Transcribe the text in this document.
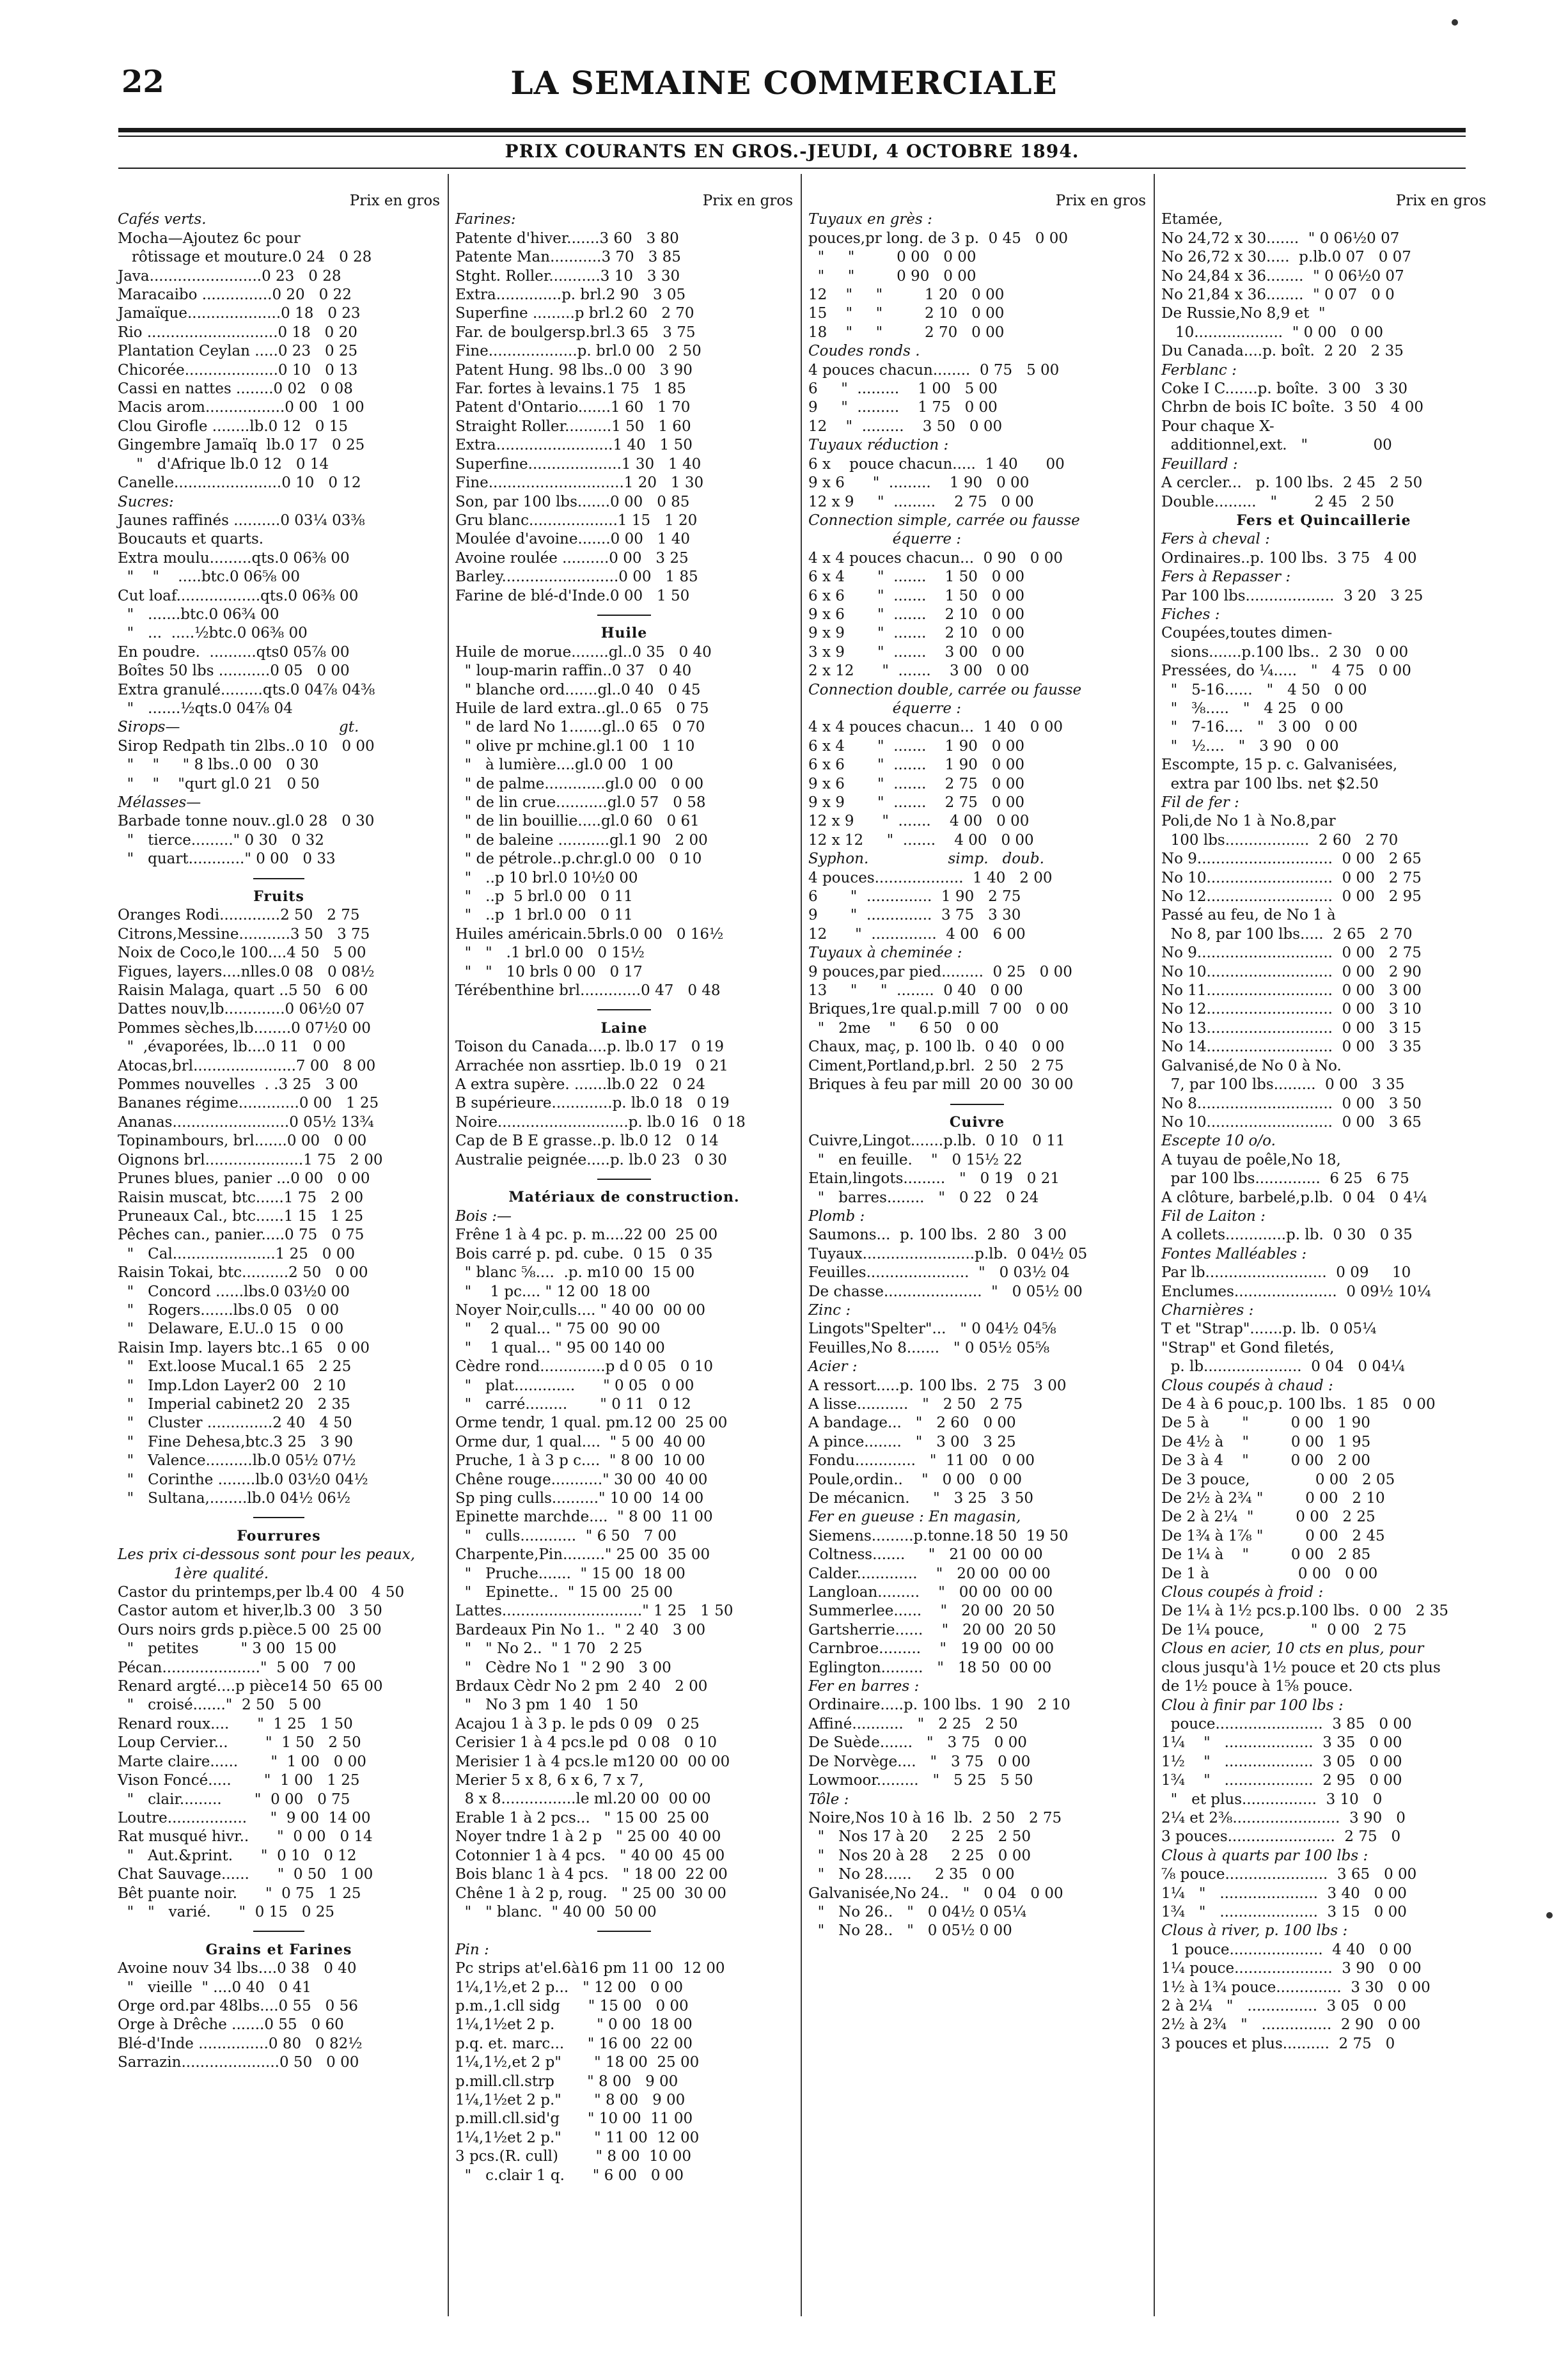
22	LA SEMAINE COMMERCIALE
PRIX COURANTS EN GROS.-JEUDI, 4 OCTOBRE 1894.
Prix en gros
Cafés verts.
Mocha—Ajoutez 6c pour
rôtissage et mouture.0 24   0 28
Java........................0 23   0 28
Maracaibo ...............0 20   0 22
Jamaïque....................0 18   0 23
Rio ............................0 18   0 20
Plantation Ceylan .....0 23   0 25
Chicorée....................0 10   0 13
Cassi en nattes ........0 02   0 08
Macis arom.................0 00   1 00
Clou Girofle ........lb.0 12   0 15
Gingembre Jamaïq  lb.0 17   0 25
"   d'Afrique lb.0 12   0 14
Canelle.......................0 10   0 12
Sucres:
Jaunes raffinés ..........0 03¼ 03⅜
Boucauts et quarts.
Extra moulu.........qts.0 06⅜ 00
"    "    .....btc.0 06⅝ 00
Cut loaf..................qts.0 06⅜ 00
"   .......btc.0 06¾ 00
"   ...  .....½btc.0 06⅜ 00
En poudre.  ..........qts0 05⅞ 00
Boîtes 50 lbs ...........0 05   0 00
Extra granulé.........qts.0 04⅞ 04⅜
"   .......½qts.0 04⅞ 04
Sirops—                                  gt.
Sirop Redpath tin 2lbs..0 10   0 00
"    "     " 8 lbs..0 00   0 30
"    "    "qurt gl.0 21   0 50
Mélasses—
Barbade tonne nouv..gl.0 28   0 30
"   tierce........." 0 30   0 32
"   quart............" 0 00   0 33
Fruits
Oranges Rodi.............2 50   2 75
Citrons,Messine...........3 50   3 75
Noix de Coco,le 100....4 50   5 00
Figues, layers....nlles.0 08   0 08½
Raisin Malaga, quart ..5 50   6 00
Dattes nouv,lb.............0 06½0 07
Pommes sèches,lb........0 07½0 00
"  ,évaporées, lb....0 11   0 00
Atocas,brl......................7 00   8 00
Pommes nouvelles  . .3 25   3 00
Bananes régime.............0 00   1 25
Ananas.........................0 05½ 13¾
Topinambours, brl.......0 00   0 00
Oignons brl.....................1 75   2 00
Prunes blues, panier ...0 00   0 00
Raisin muscat, btc......1 75   2 00
Pruneaux Cal., btc......1 15   1 25
Pêches can., panier.....0 75   0 75
"   Cal......................1 25   0 00
Raisin Tokai, btc..........2 50   0 00
"   Concord ......lbs.0 03½0 00
"   Rogers.......lbs.0 05   0 00
"   Delaware, E.U..0 15   0 00
Raisin Imp. layers btc..1 65   0 00
"   Ext.loose Mucal.1 65   2 25
"   Imp.Ldon Layer2 00   2 10
"   Imperial cabinet2 20   2 35
"   Cluster ..............2 40   4 50
"   Fine Dehesa,btc.3 25   3 90
"   Valence..........lb.0 05½ 07½
"   Corinthe ........lb.0 03½0 04½
"   Sultana,........lb.0 04½ 06½
Fourrures
Les prix ci-dessous sont pour les peaux,
1ère qualité.
Castor du printemps,per lb.4 00   4 50
Castor autom et hiver,lb.3 00   3 50
Ours noirs grds p.pièce.5 00  25 00
"   petites         " 3 00  15 00
Pécan....................."  5 00   7 00
Renard argté....p pièce14 50  65 00
"   croisé......."  2 50   5 00
Renard roux....      "  1 25   1 50
Loup Cervier...        "  1 50   2 50
Marte claire......       "  1 00   0 00
Vison Foncé.....       "  1 00   1 25
"   clair.........       "  0 00   0 75
Loutre.................     "  9 00  14 00
Rat musqué hivr..      "  0 00   0 14
"   Aut.&print.      "  0 10   0 12
Chat Sauvage......      "  0 50   1 00
Bêt puante noir.      "  0 75   1 25
"   "   varié.      "  0 15   0 25
Grains et Farines
Avoine nouv 34 lbs....0 38   0 40
"   vieille  " ....0 40   0 41
Orge ord.par 48lbs....0 55   0 56
Orge à Drêche .......0 55   0 60
Blé-d'Inde ...............0 80   0 82½
Sarrazin.....................0 50   0 00
Prix en gros
Farines:
Patente d'hiver.......3 60   3 80
Patente Man...........3 70   3 85
Stght. Roller...........3 10   3 30
Extra..............p. brl.2 90   3 05
Superfine .........p brl.2 60   2 70
Far. de boulgersp.brl.3 65   3 75
Fine...................p. brl.0 00   2 50
Patent Hung. 98 lbs..0 00   3 90
Far. fortes à levains.1 75   1 85
Patent d'Ontario.......1 60   1 70
Straight Roller..........1 50   1 60
Extra.........................1 40   1 50
Superfine....................1 30   1 40
Fine.............................1 20   1 30
Son, par 100 lbs.......0 00   0 85
Gru blanc...................1 15   1 20
Moulée d'avoine.......0 00   1 40
Avoine roulée ..........0 00   3 25
Barley.........................0 00   1 85
Farine de blé-d'Inde.0 00   1 50
Huile
Huile de morue........gl..0 35   0 40
" loup-marin raffin..0 37   0 40
" blanche ord.......gl..0 40   0 45
Huile de lard extra..gl..0 65   0 75
" de lard No 1.......gl..0 65   0 70
" olive pr mchine.gl.1 00   1 10
"   à lumière....gl.0 00   1 00
" de palme.............gl.0 00   0 00
" de lin crue...........gl.0 57   0 58
" de lin bouillie.....gl.0 60   0 61
" de baleine ...........gl.1 90   2 00
" de pétrole..p.chr.gl.0 00   0 10
"   ..p 10 brl.0 10½0 00
"   ..p  5 brl.0 00   0 11
"   ..p  1 brl.0 00   0 11
Huiles américain.5brls.0 00   0 16½
"   "   .1 brl.0 00   0 15½
"   "   10 brls 0 00   0 17
Térébenthine brl.............0 47   0 48
Laine
Toison du Canada....p. lb.0 17   0 19
Arrachée non assrtiep. lb.0 19   0 21
A extra supère. .......lb.0 22   0 24
B supérieure.............p. lb.0 18   0 19
Noire............................p. lb.0 16   0 18
Cap de B E grasse..p. lb.0 12   0 14
Australie peignée.....p. lb.0 23   0 30
Matériaux de construction.
Bois :—
Frêne 1 à 4 pc. p. m....22 00  25 00
Bois carré p. pd. cube.  0 15   0 35
" blanc ⅝....  .p. m10 00  15 00
"    1 pc.... " 12 00  18 00
Noyer Noir,culls.... " 40 00  00 00
"    2 qual... " 75 00  90 00
"    1 qual... " 95 00 140 00
Cèdre rond..............p d 0 05   0 10
"   plat.............      " 0 05   0 00
"   carré.........       " 0 11   0 12
Orme tendr, 1 qual. pm.12 00  25 00
Orme dur, 1 qual....  " 5 00  40 00
Pruche, 1 à 3 p c....  " 8 00  10 00
Chêne rouge..........." 30 00  40 00
Sp ping culls.........." 10 00  14 00
Epinette marchde....  " 8 00  11 00
"   culls............  " 6 50   7 00
Charpente,Pin........." 25 00  35 00
"   Pruche.......  " 15 00  18 00
"   Epinette..  " 15 00  25 00
Lattes.............................." 1 25   1 50
Bardeaux Pin No 1..  " 2 40   3 00
"   " No 2..  " 1 70   2 25
"   Cèdre No 1  " 2 90   3 00
Brdaux Cèdr No 2 pm  2 40   2 00
"   No 3 pm  1 40   1 50
Acajou 1 à 3 p. le pds 0 09   0 25
Cerisier 1 à 4 pcs.le pd  0 08   0 10
Merisier 1 à 4 pcs.le m120 00  00 00
Merier 5 x 8, 6 x 6, 7 x 7,
8 x 8................le ml.20 00  00 00
Erable 1 à 2 pcs...   " 15 00  25 00
Noyer tndre 1 à 2 p   " 25 00  40 00
Cotonnier 1 à 4 pcs.   " 40 00  45 00
Bois blanc 1 à 4 pcs.   " 18 00  22 00
Chêne 1 à 2 p, roug.   " 25 00  30 00
"   " blanc.  " 40 00  50 00
Pin :
Pc strips at'el.6à16 pm 11 00  12 00
1¼,1½,et 2 p...   " 12 00   0 00
p.m.,1.cll sidg      " 15 00   0 00
1¼,1½et 2 p.         " 0 00  18 00
p.q. et. marc...     " 16 00  22 00
1¼,1½,et 2 p"       " 18 00  25 00
p.mill.cll.strp       " 8 00   9 00
1¼,1½et 2 p."       " 8 00   9 00
p.mill.cll.sid'g      " 10 00  11 00
1¼,1½et 2 p."       " 11 00  12 00
3 pcs.(R. cull)        " 8 00  10 00
"   c.clair 1 q.      " 6 00   0 00
Prix en gros
Tuyaux en grès :
pouces,pr long. de 3 p.  0 45   0 00
"     "         0 00   0 00
"     "         0 90   0 00
12    "     "         1 20   0 00
15    "     "         2 10   0 00
18    "     "         2 70   0 00
Coudes ronds .
4 pouces chacun........  0 75   5 00
6     "  .........    1 00   5 00
9     "  .........    1 75   0 00
12    "  .........    3 50   0 00
Tuyaux réduction :
6 x    pouce chacun.....  1 40      00
9 x 6      "  .........    1 90   0 00
12 x 9     "  .........    2 75   0 00
Connection simple, carrée ou fausse
équerre :
4 x 4 pouces chacun...  0 90   0 00
6 x 4       "  .......    1 50   0 00
6 x 6       "  .......    1 50   0 00
9 x 6       "  .......    2 10   0 00
9 x 9       "  .......    2 10   0 00
3 x 9       "  .......    3 00   0 00
2 x 12      "  .......    3 00   0 00
Connection double, carrée ou fausse
équerre :
4 x 4 pouces chacun...  1 40   0 00
6 x 4       "  .......    1 90   0 00
6 x 6       "  .......    1 90   0 00
9 x 6       "  .......    2 75   0 00
9 x 9       "  .......    2 75   0 00
12 x 9      "  .......    4 00   0 00
12 x 12     "  .......    4 00   0 00
Syphon.                 simp.   doub.
4 pouces...................  1 40   2 00
6       "  ..............  1 90   2 75
9       "  ..............  3 75   3 30
12      "  ..............  4 00   6 00
Tuyaux à cheminée :
9 pouces,par pied.........  0 25   0 00
13     "     "  ........  0 40   0 00
Briques,1re qual.p.mill  7 00   0 00
"   2me    "     6 50   0 00
Chaux, maç, p. 100 lb.  0 40   0 00
Ciment,Portland,p.brl.  2 50   2 75
Briques à feu par mill  20 00  30 00
Cuivre
Cuivre,Lingot.......p.lb.  0 10   0 11
"   en feuille.    "   0 15½ 22
Etain,lingots.........   "   0 19   0 21
"   barres........   "   0 22   0 24
Plomb :
Saumons...  p. 100 lbs.  2 80   3 00
Tuyaux........................p.lb.  0 04½ 05
Feuilles......................  "   0 03½ 04
De chasse.....................  "   0 05½ 00
Zinc :
Lingots"Spelter"...   " 0 04½ 04⅝
Feuilles,No 8.......   " 0 05½ 05⅝
Acier :
A ressort.....p. 100 lbs.  2 75   3 00
A lisse...........   "   2 50   2 75
A bandage...   "   2 60   0 00
A pince........   "   3 00   3 25
Fondu.............   "  11 00   0 00
Poule,ordin..    "   0 00   0 00
De mécanicn.     "   3 25   3 50
Fer en gueuse : En magasin,
Siemens.........p.tonne.18 50  19 50
Coltness.......     "   21 00  00 00
Calder.............    "   20 00  00 00
Langloan.........    "   00 00  00 00
Summerlee......    "   20 00  20 50
Gartsherrie......    "   20 00  20 50
Carnbroe.........    "   19 00  00 00
Eglington.........   "   18 50  00 00
Fer en barres :
Ordinaire.....p. 100 lbs.  1 90   2 10
Affiné...........   "   2 25   2 50
De Suède.......   "   3 75   0 00
De Norvège....   "   3 75   0 00
Lowmoor.........   "   5 25   5 50
Tôle :
Noire,Nos 10 à 16  lb.  2 50   2 75
"   Nos 17 à 20     2 25   2 50
"   Nos 20 à 28     2 25   0 00
"   No 28......     2 35   0 00
Galvanisée,No 24..   "   0 04   0 00
"   No 26..   "   0 04½ 0 05¼
"   No 28..   "   0 05½ 0 00
Prix en gros
Etamée,
No 24,72 x 30.......  " 0 06½0 07
No 26,72 x 30.....  p.lb.0 07   0 07
No 24,84 x 36........  " 0 06½0 07
No 21,84 x 36........  " 0 07   0 0
De Russie,No 8,9 et  "
10...................  " 0 00   0 00
Du Canada....p. boît.  2 20   2 35
Ferblanc :
Coke I C.......p. boîte.  3 00   3 30
Chrbn de bois IC boîte.  3 50   4 00
Pour chaque X-
additionnel,ext.   "              00
Feuillard :
A cercler...   p. 100 lbs.  2 45   2 50
Double.........   "        2 45   2 50
Fers et Quincaillerie
Fers à cheval :
Ordinaires..p. 100 lbs.  3 75   4 00
Fers à Repasser :
Par 100 lbs...................  3 20   3 25
Fiches :
Coupées,toutes dimen-
sions.......p.100 lbs..  2 30   0 00
Pressées, do ¼.....   "   4 75   0 00
"   5-16......   "   4 50   0 00
"   ⅜.....   "   4 25   0 00
"   7-16....   "   3 00   0 00
"   ½....   "   3 90   0 00
Escompte, 15 p. c. Galvanisées,
extra par 100 lbs. net $2.50
Fil de fer :
Poli,de No 1 à No.8,par
100 lbs..................  2 60   2 70
No 9.............................  0 00   2 65
No 10...........................  0 00   2 75
No 12...........................  0 00   2 95
Passé au feu, de No 1 à
No 8, par 100 lbs.....  2 65   2 70
No 9.............................  0 00   2 75
No 10...........................  0 00   2 90
No 11...........................  0 00   3 00
No 12...........................  0 00   3 10
No 13...........................  0 00   3 15
No 14...........................  0 00   3 35
Galvanisé,de No 0 à No.
7, par 100 lbs.........  0 00   3 35
No 8.............................  0 00   3 50
No 10...........................  0 00   3 65
Escepte 10 o/o.
A tuyau de poêle,No 18,
par 100 lbs..............  6 25   6 75
A clôture, barbelé,p.lb.  0 04   0 4¼
Fil de Laiton :
A collets.............p. lb.  0 30   0 35
Fontes Malléables :
Par lb..........................  0 09     10
Enclumes......................  0 09½ 10¼
Charnières :
T et "Strap".......p. lb.  0 05¼
"Strap" et Gond filetés,
p. lb.....................  0 04   0 04¼
Clous coupés à chaud :
De 4 à 6 pouc,p. 100 lbs.  1 85   0 00
De 5 à       "         0 00   1 90
De 4½ à    "         0 00   1 95
De 3 à 4    "         0 00   2 00
De 3 pouce,              0 00   2 05
De 2½ à 2¾ "         0 00   2 10
De 2 à 2¼  "         0 00   2 25
De 1¾ à 1⅞ "         0 00   2 45
De 1¼ à    "         0 00   2 85
De 1 à                   0 00   0 00
Clous coupés à froid :
De 1¼ à 1½ pcs.p.100 lbs.  0 00   2 35
De 1¼ pouce,          "  0 00   2 75
Clous en acier, 10 cts en plus, pour
clous jusqu'à 1½ pouce et 20 cts plus
de 1½ pouce à 1⅝ pouce.
Clou à finir par 100 lbs :
pouce.......................  3 85   0 00
1¼    "   ...................  3 35   0 00
1½    "   ...................  3 05   0 00
1¾    "   ...................  2 95   0 00
"   et plus................  3 10   0
2¼ et 2⅜.......................  3 90   0
3 pouces.......................  2 75   0
Clous à quarts par 100 lbs :
⅞ pouce......................  3 65   0 00
1¼   "   .....................  3 40   0 00
1¾   "   .....................  3 15   0 00
Clous à river, p. 100 lbs :
1 pouce....................  4 40   0 00
1¼ pouce.....................  3 90   0 00
1½ à 1¾ pouce..............  3 30   0 00
2 à 2¼   "   ...............  3 05   0 00
2½ à 2¾   "   ...............  2 90   0 00
3 pouces et plus..........  2 75   0
